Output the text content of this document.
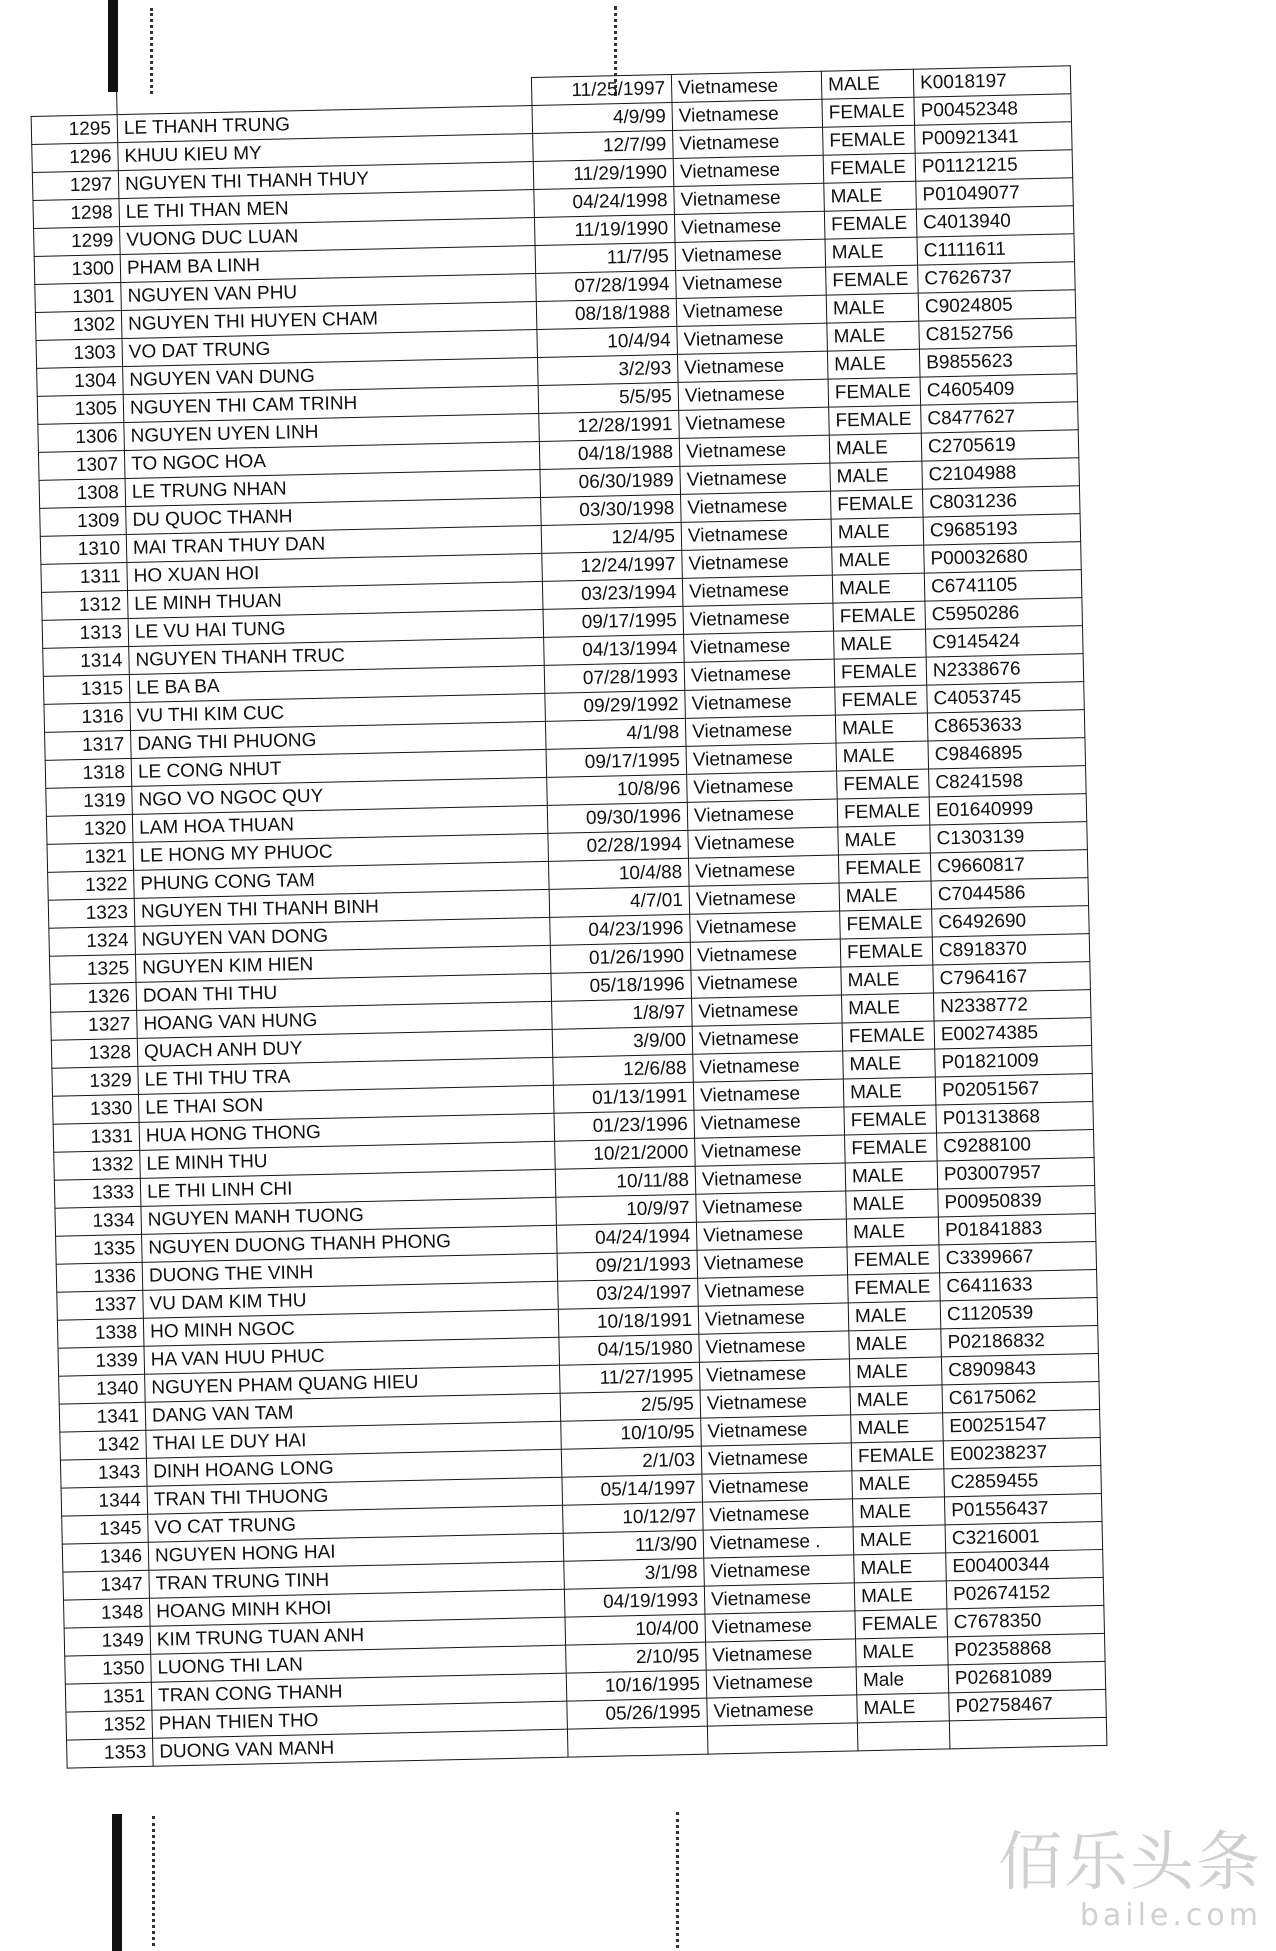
		11/25/1997	Vietnamese	MALE	K0018197
1295	LE THANH TRUNG	4/9/99	Vietnamese	FEMALE	P00452348
1296	KHUU KIEU MY	12/7/99	Vietnamese	FEMALE	P00921341
1297	NGUYEN THI THANH THUY	11/29/1990	Vietnamese	FEMALE	P01121215
1298	LE THI THAN MEN	04/24/1998	Vietnamese	MALE	P01049077
1299	VUONG DUC LUAN	11/19/1990	Vietnamese	FEMALE	C4013940
1300	PHAM BA LINH	11/7/95	Vietnamese	MALE	C1111611
1301	NGUYEN VAN PHU	07/28/1994	Vietnamese	FEMALE	C7626737
1302	NGUYEN THI HUYEN CHAM	08/18/1988	Vietnamese	MALE	C9024805
1303	VO DAT TRUNG	10/4/94	Vietnamese	MALE	C8152756
1304	NGUYEN VAN DUNG	3/2/93	Vietnamese	MALE	B9855623
1305	NGUYEN THI CAM TRINH	5/5/95	Vietnamese	FEMALE	C4605409
1306	NGUYEN UYEN LINH	12/28/1991	Vietnamese	FEMALE	C8477627
1307	TO NGOC HOA	04/18/1988	Vietnamese	MALE	C2705619
1308	LE TRUNG NHAN	06/30/1989	Vietnamese	MALE	C2104988
1309	DU QUOC THANH	03/30/1998	Vietnamese	FEMALE	C8031236
1310	MAI TRAN THUY DAN	12/4/95	Vietnamese	MALE	C9685193
1311	HO XUAN HOI	12/24/1997	Vietnamese	MALE	P00032680
1312	LE MINH THUAN	03/23/1994	Vietnamese	MALE	C6741105
1313	LE VU HAI TUNG	09/17/1995	Vietnamese	FEMALE	C5950286
1314	NGUYEN THANH TRUC	04/13/1994	Vietnamese	MALE	C9145424
1315	LE BA BA	07/28/1993	Vietnamese	FEMALE	N2338676
1316	VU THI KIM CUC	09/29/1992	Vietnamese	FEMALE	C4053745
1317	DANG THI PHUONG	4/1/98	Vietnamese	MALE	C8653633
1318	LE CONG NHUT	09/17/1995	Vietnamese	MALE	C9846895
1319	NGO VO NGOC QUY	10/8/96	Vietnamese	FEMALE	C8241598
1320	LAM HOA THUAN	09/30/1996	Vietnamese	FEMALE	E01640999
1321	LE HONG MY PHUOC	02/28/1994	Vietnamese	MALE	C1303139
1322	PHUNG CONG TAM	10/4/88	Vietnamese	FEMALE	C9660817
1323	NGUYEN THI THANH BINH	4/7/01	Vietnamese	MALE	C7044586
1324	NGUYEN VAN DONG	04/23/1996	Vietnamese	FEMALE	C6492690
1325	NGUYEN KIM HIEN	01/26/1990	Vietnamese	FEMALE	C8918370
1326	DOAN THI THU	05/18/1996	Vietnamese	MALE	C7964167
1327	HOANG VAN HUNG	1/8/97	Vietnamese	MALE	N2338772
1328	QUACH ANH DUY	3/9/00	Vietnamese	FEMALE	E00274385
1329	LE THI THU TRA	12/6/88	Vietnamese	MALE	P01821009
1330	LE THAI SON	01/13/1991	Vietnamese	MALE	P02051567
1331	HUA HONG THONG	01/23/1996	Vietnamese	FEMALE	P01313868
1332	LE MINH THU	10/21/2000	Vietnamese	FEMALE	C9288100
1333	LE THI LINH CHI	10/11/88	Vietnamese	MALE	P03007957
1334	NGUYEN MANH TUONG	10/9/97	Vietnamese	MALE	P00950839
1335	NGUYEN DUONG THANH PHONG	04/24/1994	Vietnamese	MALE	P01841883
1336	DUONG THE VINH	09/21/1993	Vietnamese	FEMALE	C3399667
1337	VU DAM KIM THU	03/24/1997	Vietnamese	FEMALE	C6411633
1338	HO MINH NGOC	10/18/1991	Vietnamese	MALE	C1120539
1339	HA VAN HUU PHUC	04/15/1980	Vietnamese	MALE	P02186832
1340	NGUYEN PHAM QUANG HIEU	11/27/1995	Vietnamese	MALE	C8909843
1341	DANG VAN TAM	2/5/95	Vietnamese	MALE	C6175062
1342	THAI LE DUY HAI	10/10/95	Vietnamese	MALE	E00251547
1343	DINH HOANG LONG	2/1/03	Vietnamese	FEMALE	E00238237
1344	TRAN THI THUONG	05/14/1997	Vietnamese	MALE	C2859455
1345	VO CAT TRUNG	10/12/97	Vietnamese	MALE	P01556437
1346	NGUYEN HONG HAI	11/3/90	Vietnamese .	MALE	C3216001
1347	TRAN TRUNG TINH	3/1/98	Vietnamese	MALE	E00400344
1348	HOANG MINH KHOI	04/19/1993	Vietnamese	MALE	P02674152
1349	KIM TRUNG TUAN ANH	10/4/00	Vietnamese	FEMALE	C7678350
1350	LUONG THI LAN	2/10/95	Vietnamese	MALE	P02358868
1351	TRAN CONG THANH	10/16/1995	Vietnamese	Male	P02681089
1352	PHAN THIEN THO	05/26/1995	Vietnamese	MALE	P02758467
1353	DUONG VAN MANH				
佰乐头条
baile.com
